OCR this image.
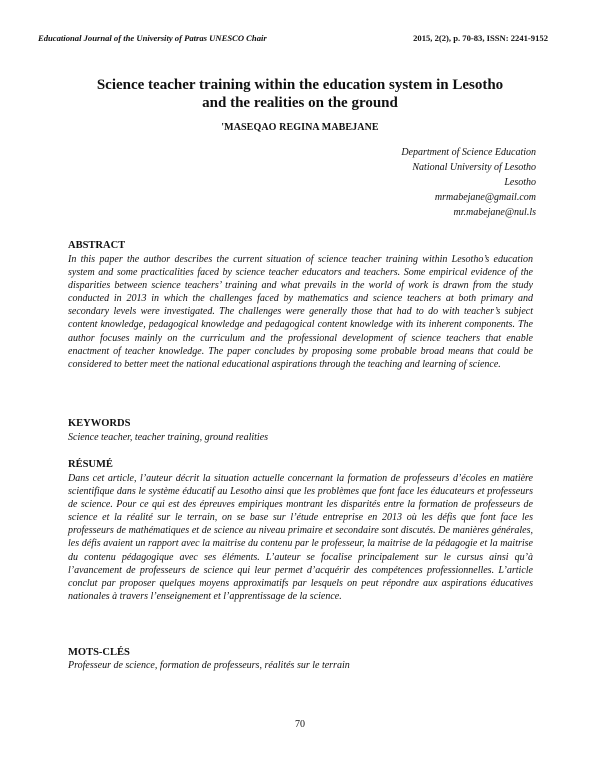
Educational Journal of the University of Patras UNESCO Chair	2015, 2(2), p. 70-83, ISSN: 2241-9152
Science teacher training within the education system in Lesotho
and the realities on the ground
'MASEQAO REGINA MABEJANE
Department of Science Education
National University of Lesotho
Lesotho
mrmabejane@gmail.com
mr.mabejane@nul.ls
ABSTRACT

In this paper the author describes the current situation of science teacher training within Lesotho’s education system and some practicalities faced by science teacher educators and teachers. Some empirical evidence of the disparities between science teachers’ training and what prevails in the world of work is drawn from the study conducted in 2013 in which the challenges faced by mathematics and science teachers at both primary and secondary levels were investigated. The challenges were generally those that had to do with teacher’s subject content knowledge, pedagogical knowledge and pedagogical content knowledge with its inherent components. The author focuses mainly on the curriculum and the professional development of science teachers that enable enactment of teacher knowledge. The paper concludes by proposing some probable broad means that could be considered to better meet the national educational aspirations through the teaching and learning of science.

KEYWORDS

Science teacher, teacher training, ground realities

RÉSUMÉ

Dans cet article, l’auteur décrit la situation actuelle concernant la formation de professeurs d’écoles en matière scientifique dans le système éducatif au Lesotho ainsi que les problèmes que font face les éducateurs et professeurs de science. Pour ce qui est des épreuves empiriques montrant les disparités entre la formation de professeurs de science et la réalité sur le terrain, on se base sur l’étude entreprise en 2013 où les défis que font face les professeurs de mathématiques et de science au niveau primaire et secondaire sont discutés. De manières générales, les défis avaient un rapport avec la maitrise du contenu par le professeur, la maitrise de la pédagogie et la maitrise du contenu pédagogique avec ses éléments. L’auteur se focalise principalement sur le cursus ainsi qu’à l’avancement de professeurs de science qui leur permet d’acquérir des compétences professionnelles. L’article conclut par proposer quelques moyens approximatifs par lesquels on peut répondre aux aspirations éducatives nationales à travers l’enseignement et l’apprentissage de la science.

MOTS-CLÉS

Professeur de science, formation de professeurs, réalités sur le terrain

70
